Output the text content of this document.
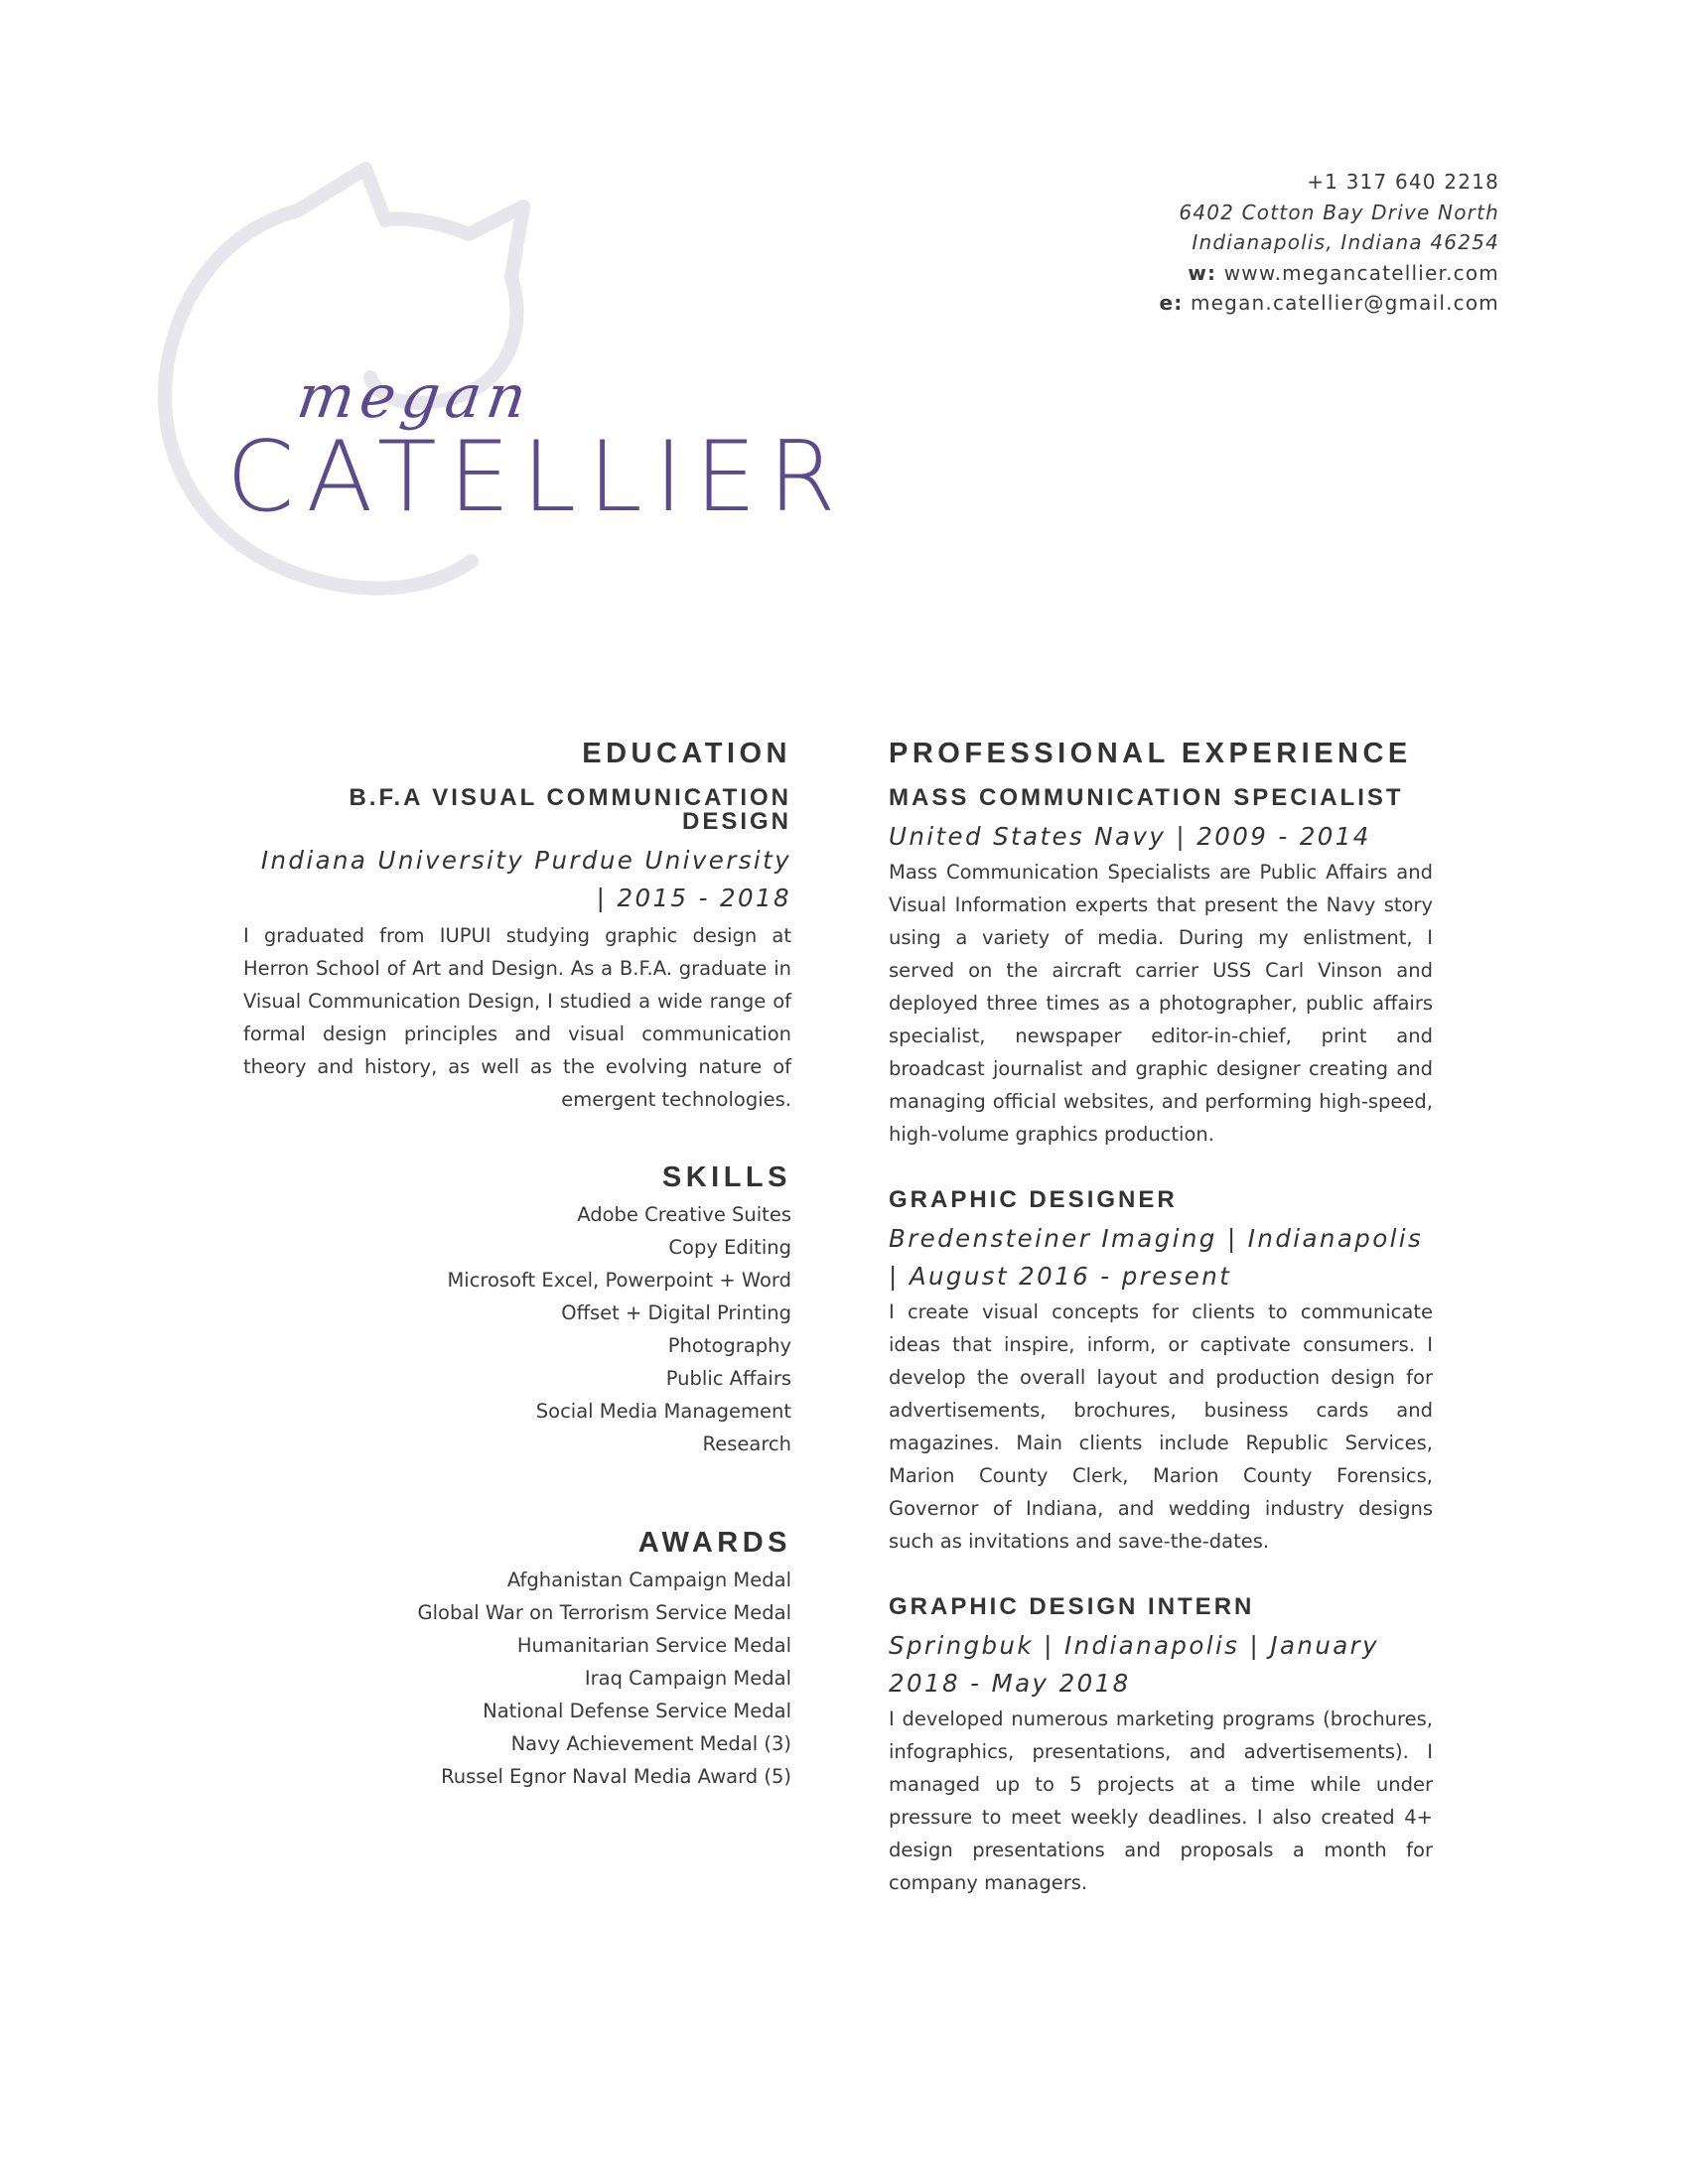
megan
CATELLIER
+1 317 640 2218
6402 Cotton Bay Drive North
Indianapolis, Indiana 46254
w: www.megancatellier.com
e: megan.catellier@gmail.com
EDUCATION
B.F.A VISUAL COMMUNICATION DESIGN
Indiana University Purdue University | 2015 - 2018
I graduated from IUPUI studying graphic design at Herron School of Art and Design. As a B.F.A. graduate in Visual Communication Design, I studied a wide range of formal design principles and visual communication theory and history, as well as the evolving nature of emergent technologies.
SKILLS
Adobe Creative Suites
Copy Editing
Microsoft Excel, Powerpoint + Word
Offset + Digital Printing
Photography
Public Affairs
Social Media Management
Research
AWARDS
Afghanistan Campaign Medal
Global War on Terrorism Service Medal
Humanitarian Service Medal
Iraq Campaign Medal
National Defense Service Medal
Navy Achievement Medal (3)
Russel Egnor Naval Media Award (5)
PROFESSIONAL EXPERIENCE
MASS COMMUNICATION SPECIALIST
United States Navy | 2009 - 2014
Mass Communication Specialists are Public Affairs and Visual Information experts that present the Navy story using a variety of media. During my enlistment, I served on the aircraft carrier USS Carl Vinson and deployed three times as a photographer, public affairs specialist, newspaper editor-in-chief, print and broadcast journalist and graphic designer creating and managing official websites, and performing high-speed, high-volume graphics production.
GRAPHIC DESIGNER
Bredensteiner Imaging | Indianapolis | August 2016 - present
I create visual concepts for clients to communicate ideas that inspire, inform, or captivate consumers. I develop the overall layout and production design for advertisements, brochures, business cards and magazines. Main clients include Republic Services, Marion County Clerk, Marion County Forensics, Governor of Indiana, and wedding industry designs such as invitations and save-the-dates.
GRAPHIC DESIGN INTERN
Springbuk | Indianapolis | January 2018 - May 2018
I developed numerous marketing programs (brochures, infographics, presentations, and advertisements). I managed up to 5 projects at a time while under pressure to meet weekly deadlines. I also created 4+ design presentations and proposals a month for company managers.
